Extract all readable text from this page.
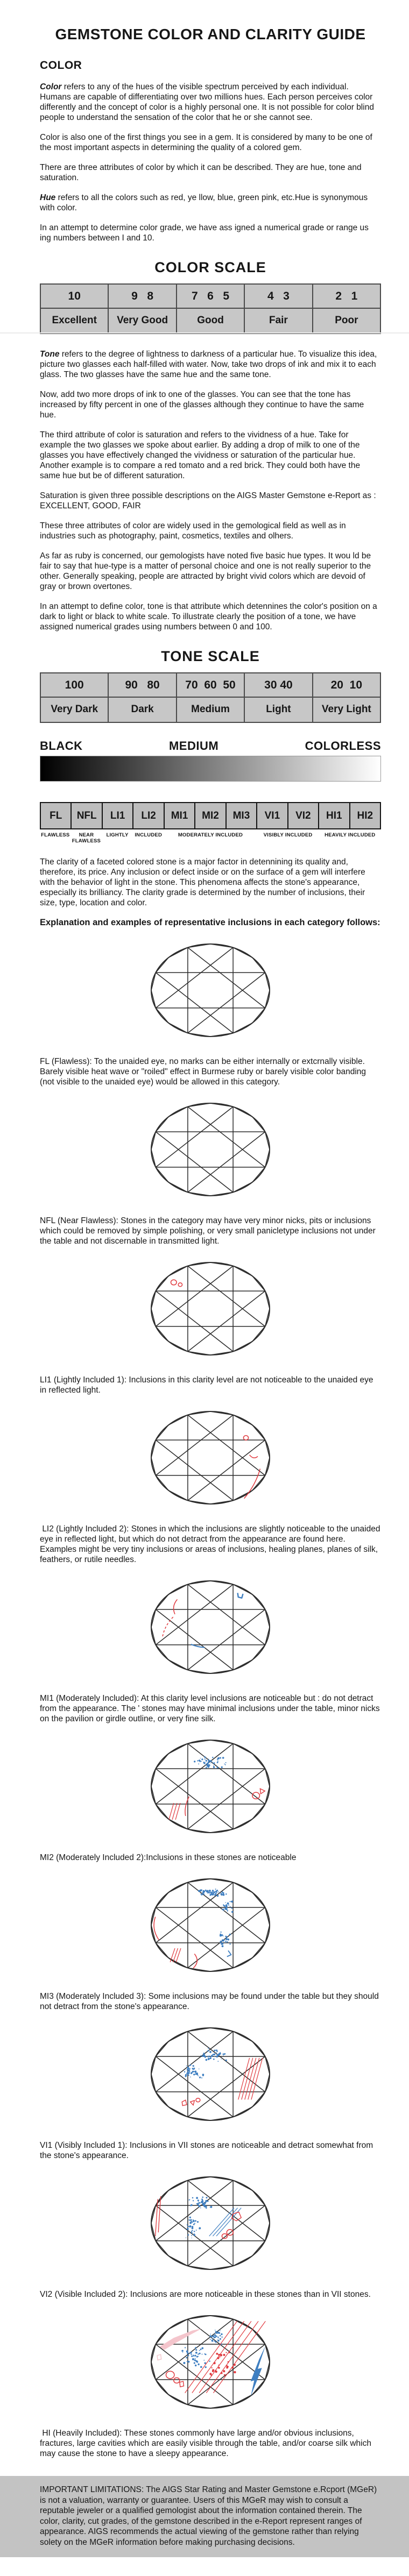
GEMSTONE COLOR AND CLARITY GUIDE
COLOR

Color refers to any of the hues of the visible spectrum perceived by each individual. Humans are capable of differentiating over two millions hues. Each person perceives color differently and the concept of color is a highly personal one. It is not possible for color blind people to understand the sensation of the color that he or she cannot see.

Color is also one of the first things you see in a gem. It is considered by many to be one of the most important aspects in determining the quality of a colored gem.

There are three attributes of color by which it can be described. They are hue, tone and saturation.

Hue refers to all the colors such as red, ye llow, blue, green pink, etc.Hue is synonymous with color.

In an attempt to determine color grade, we have ass igned a numerical grade or range us ing numbers between I and 10.

COLOR SCALE
10	9   8	7   6   5	4   3	2   1
Excellent	Very Good	Good	Fair	Poor

Tone refers to the degree of lightness to darkness of a particular hue. To visualize this idea, picture two glasses each half-filled with water. Now, take two drops of ink and mix it to each glass. The two glasses have the same hue and the same tone.

Now, add two more drops of ink to one of the glasses. You can see that the tone has increased by fifty percent in one of the glasses although they continue to have the same hue.

The third attribute of color is saturation and refers to the vividness of a hue. Take for example the two glasses we spoke about earlier. By adding a drop of milk to one of the glasses you have effectively changed the vividness or saturation of the particular hue. Another example is to compare a red tomato and a red brick. They could both have the same hue but be of different saturation.

Saturation is given three possible descriptions on the AIGS Master Gemstone e-Report as : EXCELLENT, GOOD, FAIR

These three attributes of color are widely used in the gemological field as well as in industries such as photography, paint, cosmetics, textiles and olhers.

As far as ruby is concerned, our gemologists have noted five basic hue types. It wou ld be fair to say that hue-type is a matter of personal choice and one is not really superior to the other. Generally speaking, people are attracted by bright vivid colors which are devoid of gray or brown overtones.

In an attempt to define color, tone is that attribute which detennines the color's position on a dark to light or black to white scale. To illustrate clearly the position of a tone, we have assigned numerical grades using numbers between 0 and 100.

TONE SCALE
100	90   80	70  60  50	30 40	20  10
Very Dark	Dark	Medium	Light	Very Light
BLACK	MEDIUM	COLORLESS
FL	NFL	LI1	LI2	MI1	MI2	MI3	VI1	VI2	HI1	HI2
FLAWLESS	NEAR FLAWLESS
LIGHTLY	INCLUDED	MODERATELY INCLUDED	VISIBLY INCLUDED	HEAVILY INCLUDED

The clarity of a faceted colored stone is a major factor in detennining its quality and, therefore, its price. Any inclusion or defect inside or on the surface of a gem will interfere with the behavior of light in the stone. This phenomena affects the stone's appearance, especially its brilliancy. The clarity grade is determined by the number of inclusions, their size, type, location and color.

Explanation and examples of representative inclusions in each category follows:

FL (Flawless): To the unaided eye, no marks can be either internally or extcrnally visible. Barely visible heat wave or "roiled" effect in Burmese ruby or barely visible color banding (not visible to the unaided eye) would be allowed in this category.

NFL (Near Flawless): Stones in the category may have very minor nicks, pits or inclusions which could be removed by simple polishing, or very small panicletype inclusions not under the table and not discernable in transmitted light.

LI1 (Lightly Included 1): Inclusions in this clarity level are not noticeable to the unaided eye in reflected light.

LI2 (Lightly Included 2): Stones in which the inclusions are slightly noticeable to the unaided eye in reflected light, but which do not detract from the appearance are found here. Examples might be very tiny inclusions or areas of inclusions, healing planes, planes of silk, feathers, or rutile needles.

MI1 (Moderately Included): At this clarity level inclusions are noticeable but : do not detract from the appearance. The ' stones may have minimal inclusions under the table, minor nicks on the pavilion or girdle outline, or very fine silk.

MI2 (Moderately Included 2):Inclusions in these stones are noticeable

MI3 (Moderately Included 3): Some inclusions may be found under the table but they should not detract from the stone's appearance.

VI1 (Visibly Included 1): Inclusions in VII stones are noticeable and detract somewhat from the stone's appearance.

VI2 (Visible Included 2): Inclusions are more noticeable in these stones than in VII stones.

HI (Heavily Included): These stones commonly have large and/or obvious inclusions, fractures, large cavities which are easily visible through the table, and/or coarse silk which may cause the stone to have a sleepy appearance.

IMPORTANT LIMITATIONS: The AIGS Star Rating and Master Gemstone e.Rcport (MGeR) is not a valuation, warranty or guarantee. Users of this MGeR may wish to consult a reputable jeweler or a qualified gemologist about the information contained therein. The color, clarity, cut grades, of the gemstone described in the e-Report represent ranges of appearance. AIGS recommends the actual viewing of the gemstone rather than relying solety on the MGeR information before making purchasing decisions.
